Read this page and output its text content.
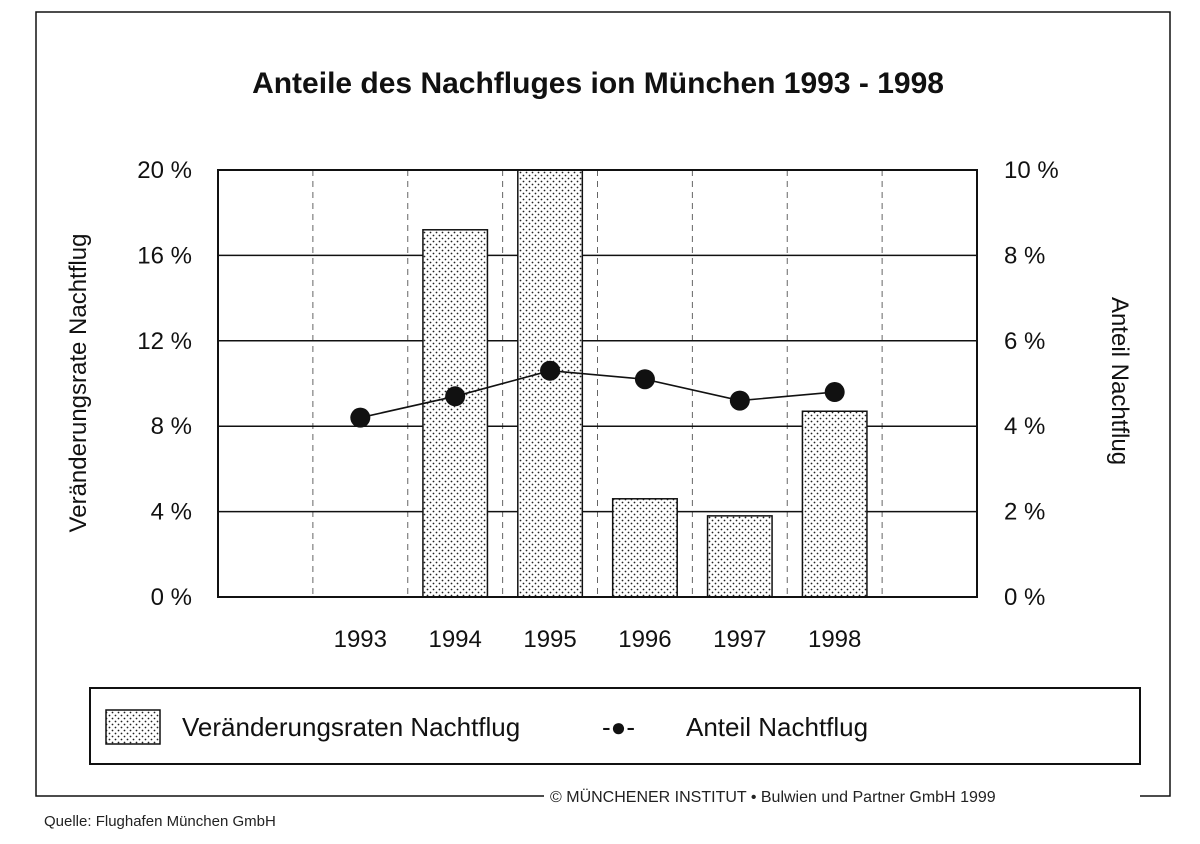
Anteile des Nachfluges ion München 1993 - 1998
0 %
4 %
8 %
12 %
16 %
20 %
0 %
2 %
4 %
6 %
8 %
10 %
1993 1994 1995 1996 1997 1998
Veränderungsrate Nachtflug	Anteil Nachtflug
Veränderungsraten Nachtflug	-●- Anteil Nachtflug
© MÜNCHENER INSTITUT • Bulwien und Partner GmbH 1999
Quelle: Flughafen München GmbH
